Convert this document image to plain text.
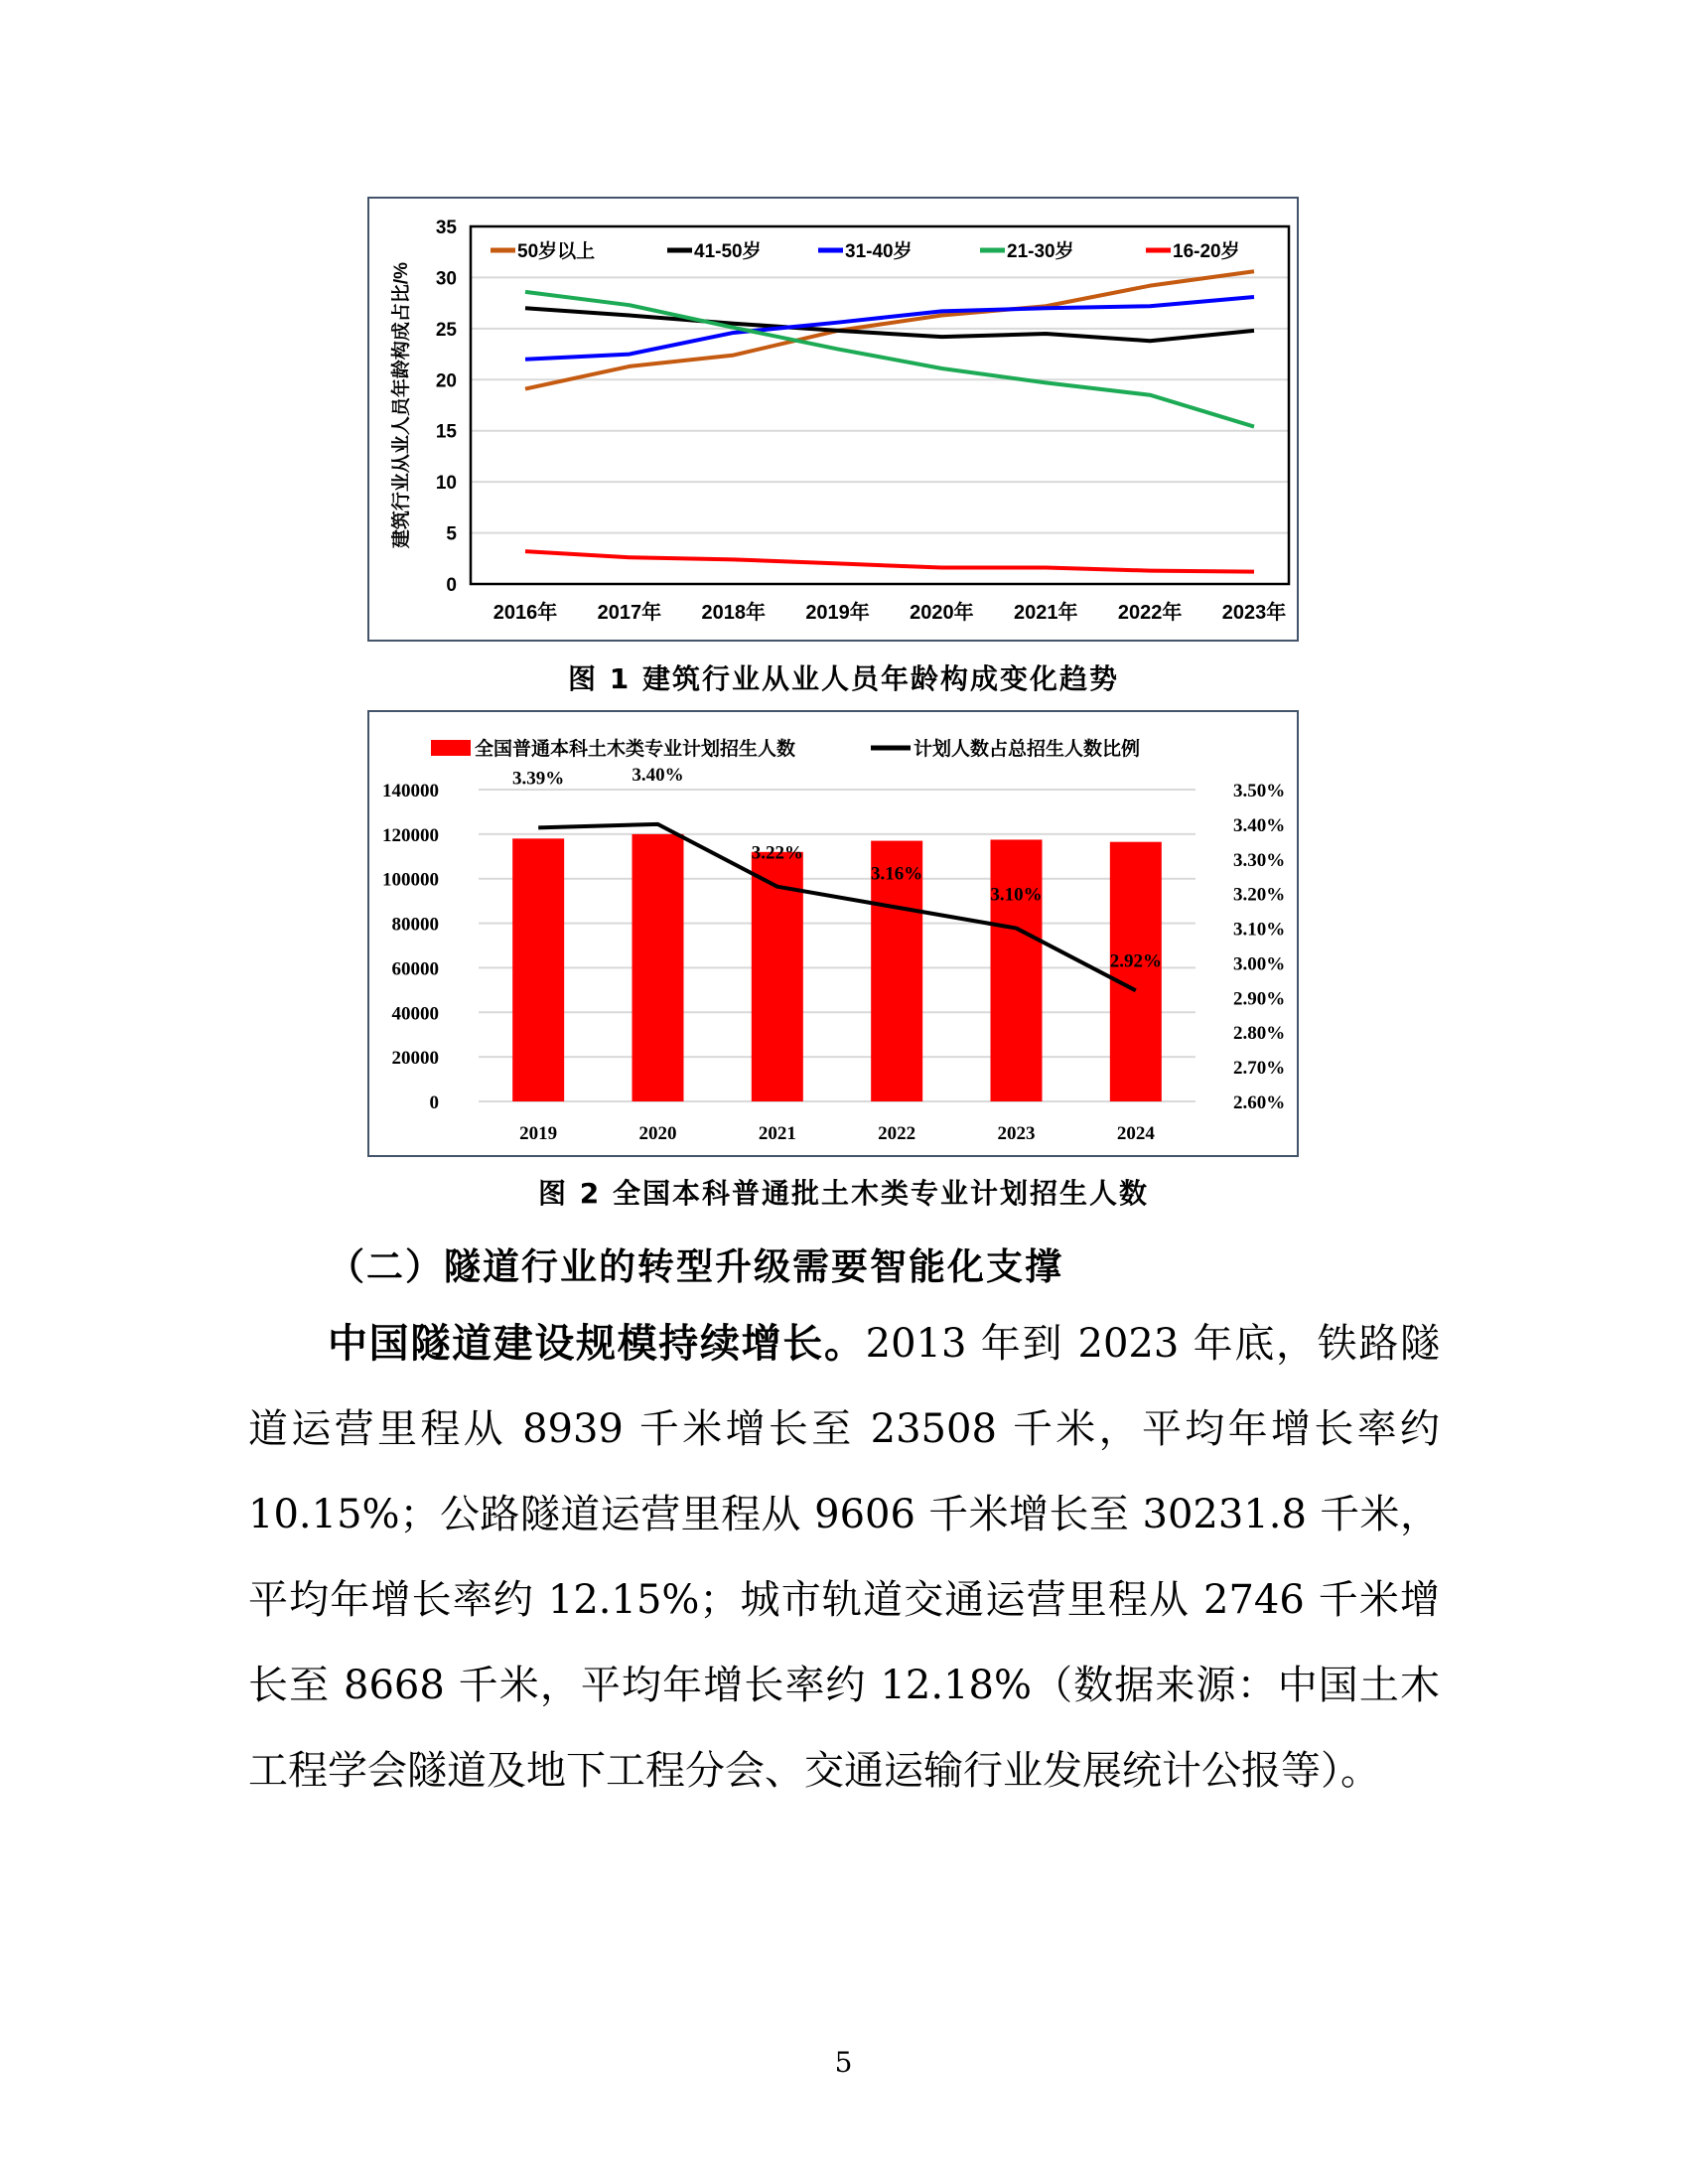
0
5
10
15
20
25
30
35
2016年 2017年 2018年 2019年 2020年 2021年 2022年 2023年
50岁以上	41-50岁	31-40岁	21-30岁	16-20岁
建筑行业从业人员年龄构成占比/%
图 1 建筑行业从业人员年龄构成变化趋势
0
20000
40000
60000
80000
100000
120000
140000
2.60%
2.70%
2.80%
2.90%
3.00%
3.10%
3.20%
3.30%
3.40%
3.50%
2019	2020	2021	2022	2023	2024
3.39%	3.40%
3.22%
3.16%
3.10%
2.92%
全国普通本科土木类专业计划招生人数	计划人数占总招生人数比例
图 2 全国本科普通批土木类专业计划招生人数
（二）隧道行业的转型升级需要智能化支撑
中国隧道建设规模持续增长。2013 年到 2023 年底，铁路隧道运营里程从 8939 千米增长至 23508 千米，平均年增长率约 10.15%；公路隧道运营里程从 9606 千米增长至 30231.8 千米，平均年增长率约 12.15%；城市轨道交通运营里程从 2746 千米增长至 8668 千米，平均年增长率约 12.18%（数据来源：中国土木工程学会隧道及地下工程分会、交通运输行业发展统计公报等）。
5
